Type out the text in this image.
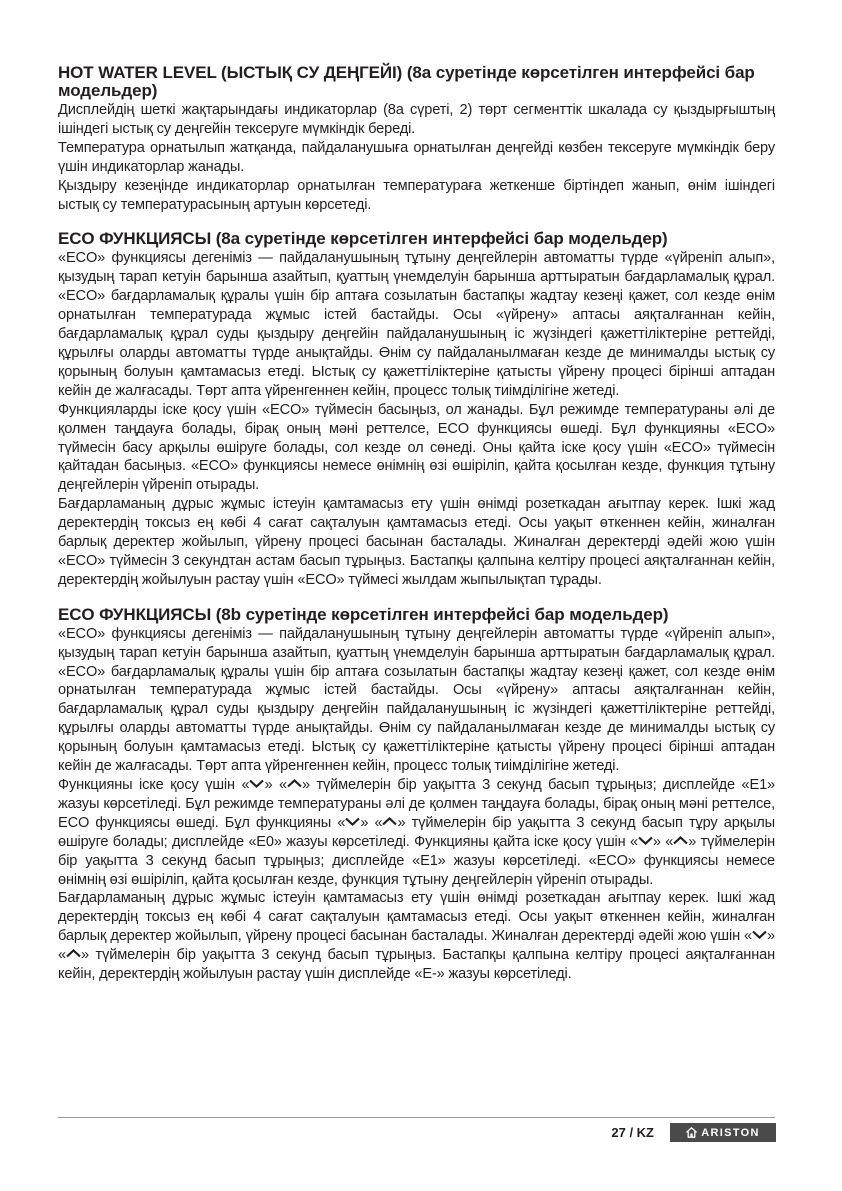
HOT WATER LEVEL (ЫСТЫҚ СУ ДЕҢГЕЙІ) (8а суретінде көрсетілген интерфейсі бар модельдер)

Дисплейдің шеткі жақтарындағы индикаторлар (8а сүреті, 2) төрт сегменттік шкалада су қыздырғыштың ішіндегі ыстық су деңгейін тексеруге мүмкіндік береді.

Температура орнатылып жатқанда, пайдаланушыға орнатылған деңгейді көзбен тексеруге мүмкіндік беру үшін индикаторлар жанады.

Қыздыру кезеңінде индикаторлар орнатылған температураға жеткенше біртіндеп жанып, өнім ішіндегі ыстық су температурасының артуын көрсетеді.

ECO ФУНКЦИЯСЫ (8а суретінде көрсетілген интерфейсі бар модельдер)

«ECO» функциясы дегеніміз — пайдаланушының тұтыну деңгейлерін автоматты түрде «үйреніп алып», қызудың тарап кетуін барынша азайтып, қуаттың үнемделуін барынша арттыратын бағдарламалық құрал. «ECO» бағдарламалық құралы үшін бір аптаға созылатын бастапқы жадтау кезеңі қажет, сол кезде өнім орнатылған температурада жұмыс істей бастайды. Осы «үйрену» аптасы аяқталғаннан кейін, бағдарламалық құрал суды қыздыру деңгейін пайдаланушының іс жүзіндегі қажеттіліктеріне реттейді, құрылғы оларды автоматты түрде анықтайды. Өнім су пайдаланылмаған кезде де минималды ыстық су қорының болуын қамтамасыз етеді. Ыстық су қажеттіліктеріне қатысты үйрену процесі бірінші аптадан кейін де жалғасады. Төрт апта үйренгеннен кейін, процесс толық тиімділігіне жетеді.

Функцияларды іске қосу үшін «ECO» түймесін басыңыз, ол жанады. Бұл режимде температураны әлі де қолмен таңдауға болады, бірақ оның мәні реттелсе, ECO функциясы өшеді. Бұл функцияны «ECO» түймесін басу арқылы өшіруге болады, сол кезде ол сөнеді. Оны қайта іске қосу үшін «ECO» түймесін қайтадан басыңыз. «ECO» функциясы немесе өнімнің өзі өшіріліп, қайта қосылған кезде, функция тұтыну деңгейлерін үйреніп отырады.

Бағдарламаның дұрыс жұмыс істеуін қамтамасыз ету үшін өнімді розеткадан ағытпау керек. Ішкі жад деректердің токсыз ең көбі 4 сағат сақталуын қамтамасыз етеді. Осы уақыт өткеннен кейін, жиналған барлық деректер жойылып, үйрену процесі басынан басталады. Жиналған деректерді әдейі жою үшін «ECO» түймесін 3 секундтан астам басып тұрыңыз. Бастапқы қалпына келтіру процесі аяқталғаннан кейін, деректердің жойылуын растау үшін «ECO» түймесі жылдам жыпылықтап тұрады.

ECO ФУНКЦИЯСЫ (8b суретінде көрсетілген интерфейсі бар модельдер)

«ECO» функциясы дегеніміз — пайдаланушының тұтыну деңгейлерін автоматты түрде «үйреніп алып», қызудың тарап кетуін барынша азайтып, қуаттың үнемделуін барынша арттыратын бағдарламалық құрал. «ECO» бағдарламалық құралы үшін бір аптаға созылатын бастапқы жадтау кезеңі қажет, сол кезде өнім орнатылған температурада жұмыс істей бастайды. Осы «үйрену» аптасы аяқталғаннан кейін, бағдарламалық құрал суды қыздыру деңгейін пайдаланушының іс жүзіндегі қажеттіліктеріне реттейді, құрылғы оларды автоматты түрде анықтайды. Өнім су пайдаланылмаған кезде де минималды ыстық су қорының болуын қамтамасыз етеді. Ыстық су қажеттіліктеріне қатысты үйрену процесі бірінші аптадан кейін де жалғасады. Төрт апта үйренгеннен кейін, процесс толық тиімділігіне жетеді.

Функцияны іске қосу үшін « » « » түймелерін бір уақытта 3 секунд басып тұрыңыз; дисплейде «E1» жазуы көрсетіледі. Бұл режимде температураны әлі де қолмен таңдауға болады, бірақ оның мәні реттелсе, ECO функциясы өшеді. Бұл функцияны « » « » түймелерін бір уақытта 3 секунд басып тұру арқылы өшіруге болады; дисплейде «E0» жазуы көрсетіледі. Функцияны қайта іске қосу үшін « » « » түймелерін бір уақытта 3 секунд басып тұрыңыз; дисплейде «E1» жазуы көрсетіледі. «ECO» функциясы немесе өнімнің өзі өшіріліп, қайта қосылған кезде, функция тұтыну деңгейлерін үйреніп отырады.

Бағдарламаның дұрыс жұмыс істеуін қамтамасыз ету үшін өнімді розеткадан ағытпау керек. Ішкі жад деректердің токсыз ең көбі 4 сағат сақталуын қамтамасыз етеді. Осы уақыт өткеннен кейін, жиналған барлық деректер жойылып, үйрену процесі басынан басталады. Жиналған деректерді әдейі жою үшін « » « » түймелерін бір уақытта 3 секунд басып тұрыңыз. Бастапқы қалпына келтіру процесі аяқталғаннан кейін, деректердің жойылуын растау үшін дисплейде «E-» жазуы көрсетіледі.

27 / KZ	ARISTON
